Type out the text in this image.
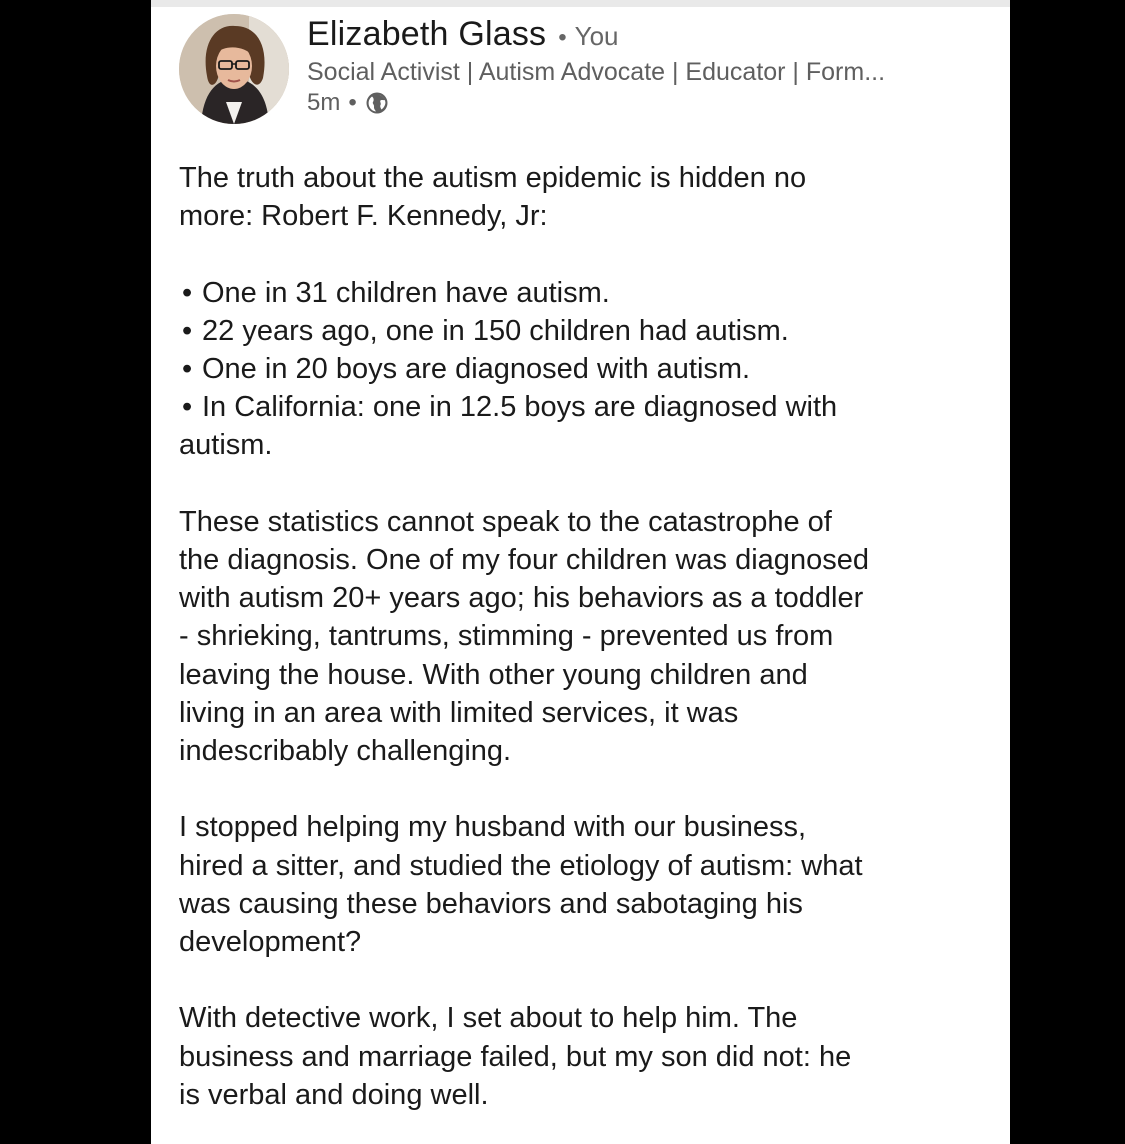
Elizabeth Glass • You
Social Activist | Autism Advocate | Educator | Form...
5m •

The truth about the autism epidemic is hidden no
more: Robert F. Kennedy, Jr:

• One in 31 children have autism.
• 22 years ago, one in 150 children had autism.
• One in 20 boys are diagnosed with autism.
• In California: one in 12.5 boys are diagnosed with
autism.

These statistics cannot speak to the catastrophe of
the diagnosis. One of my four children was diagnosed
with autism 20+ years ago; his behaviors as a toddler
- shrieking, tantrums, stimming - prevented us from
leaving the house. With other young children and
living in an area with limited services, it was
indescribably challenging.

I stopped helping my husband with our business,
hired a sitter, and studied the etiology of autism: what
was causing these behaviors and sabotaging his
development?

With detective work, I set about to help him. The
business and marriage failed, but my son did not: he
is verbal and doing well.
